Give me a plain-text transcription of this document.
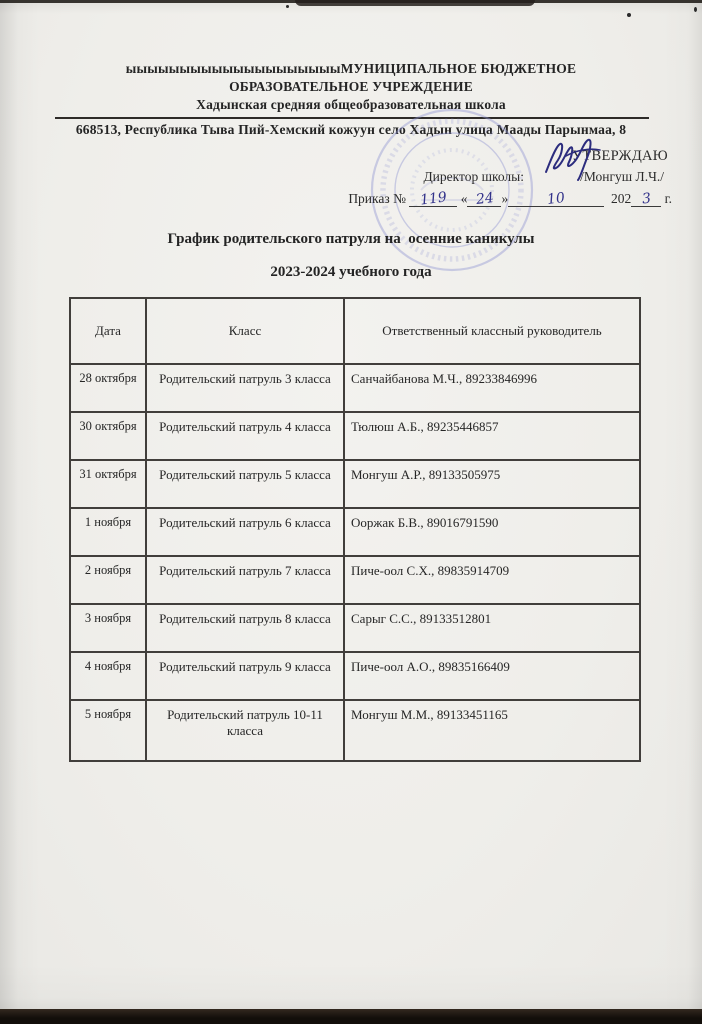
ыыыыыыыыыыыыыыыыыыыыМУНИЦИПАЛЬНОЕ БЮДЖЕТНОЕ
ОБРАЗОВАТЕЛЬНОЕ УЧРЕЖДЕНИЕ
Хадынская средняя общеобразовательная школа
668513, Республика Тыва Пий-Хемский кожуун село Хадын улица Маады Парынмаа, 8
УТВЕРЖДАЮ
Директор школы:	/Монгуш Л.Ч./
Приказ № 119 « 24 »	10	202 3 г.
График родительского патруля на  осенние каникулы
2023-2024 учебного года
Дата	Класс	Ответственный классный руководитель
28 октября	Родительский патруль 3 класса	Санчайбанова М.Ч., 89233846996
30 октября	Родительский патруль 4 класса	Тюлюш А.Б., 89235446857
31 октября	Родительский патруль 5 класса	Монгуш А.Р., 89133505975
1 ноября	Родительский патруль 6 класса	Ооржак Б.В., 89016791590
2 ноября	Родительский патруль 7 класса	Пиче-оол С.Х., 89835914709
3 ноября	Родительский патруль 8 класса	Сарыг С.С., 89133512801
4 ноября	Родительский патруль 9 класса	Пиче-оол А.О., 89835166409
5 ноября	Родительский патруль 10-11 класса	Монгуш М.М., 89133451165
